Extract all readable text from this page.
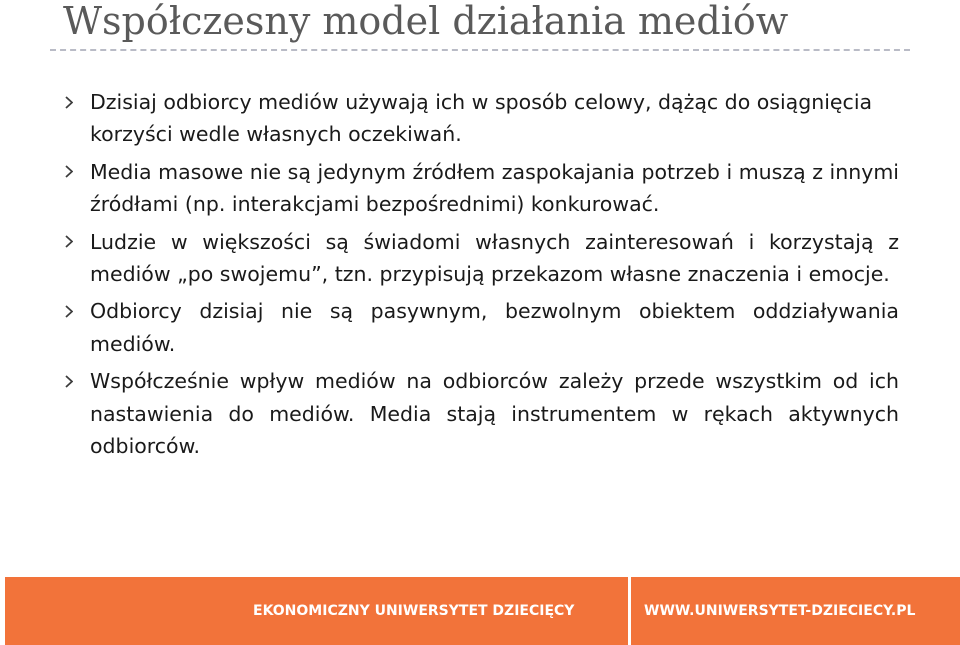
Współczesny model działania mediów
Dzisiaj odbiorcy mediów używają ich w sposób celowy, dążąc do osiągnięcia korzyści wedle własnych oczekiwań.
Media masowe nie są jedynym źródłem zaspokajania potrzeb i muszą z innymi źródłami (np. interakcjami bezpośrednimi) konkurować.
Ludzie w większości są świadomi własnych zainteresowań i korzystają z mediów „po swojemu”, tzn. przypisują przekazom własne znaczenia i emocje.
Odbiorcy dzisiaj nie są pasywnym, bezwolnym obiektem oddziaływania mediów.
Współcześnie wpływ mediów na odbiorców zależy przede wszystkim od ich nastawienia do mediów. Media stają instrumentem w rękach aktywnych odbiorców.
EKONOMICZNY UNIWERSYTET DZIECIĘCY	WWW.UNIWERSYTET-DZIECIECY.PL
